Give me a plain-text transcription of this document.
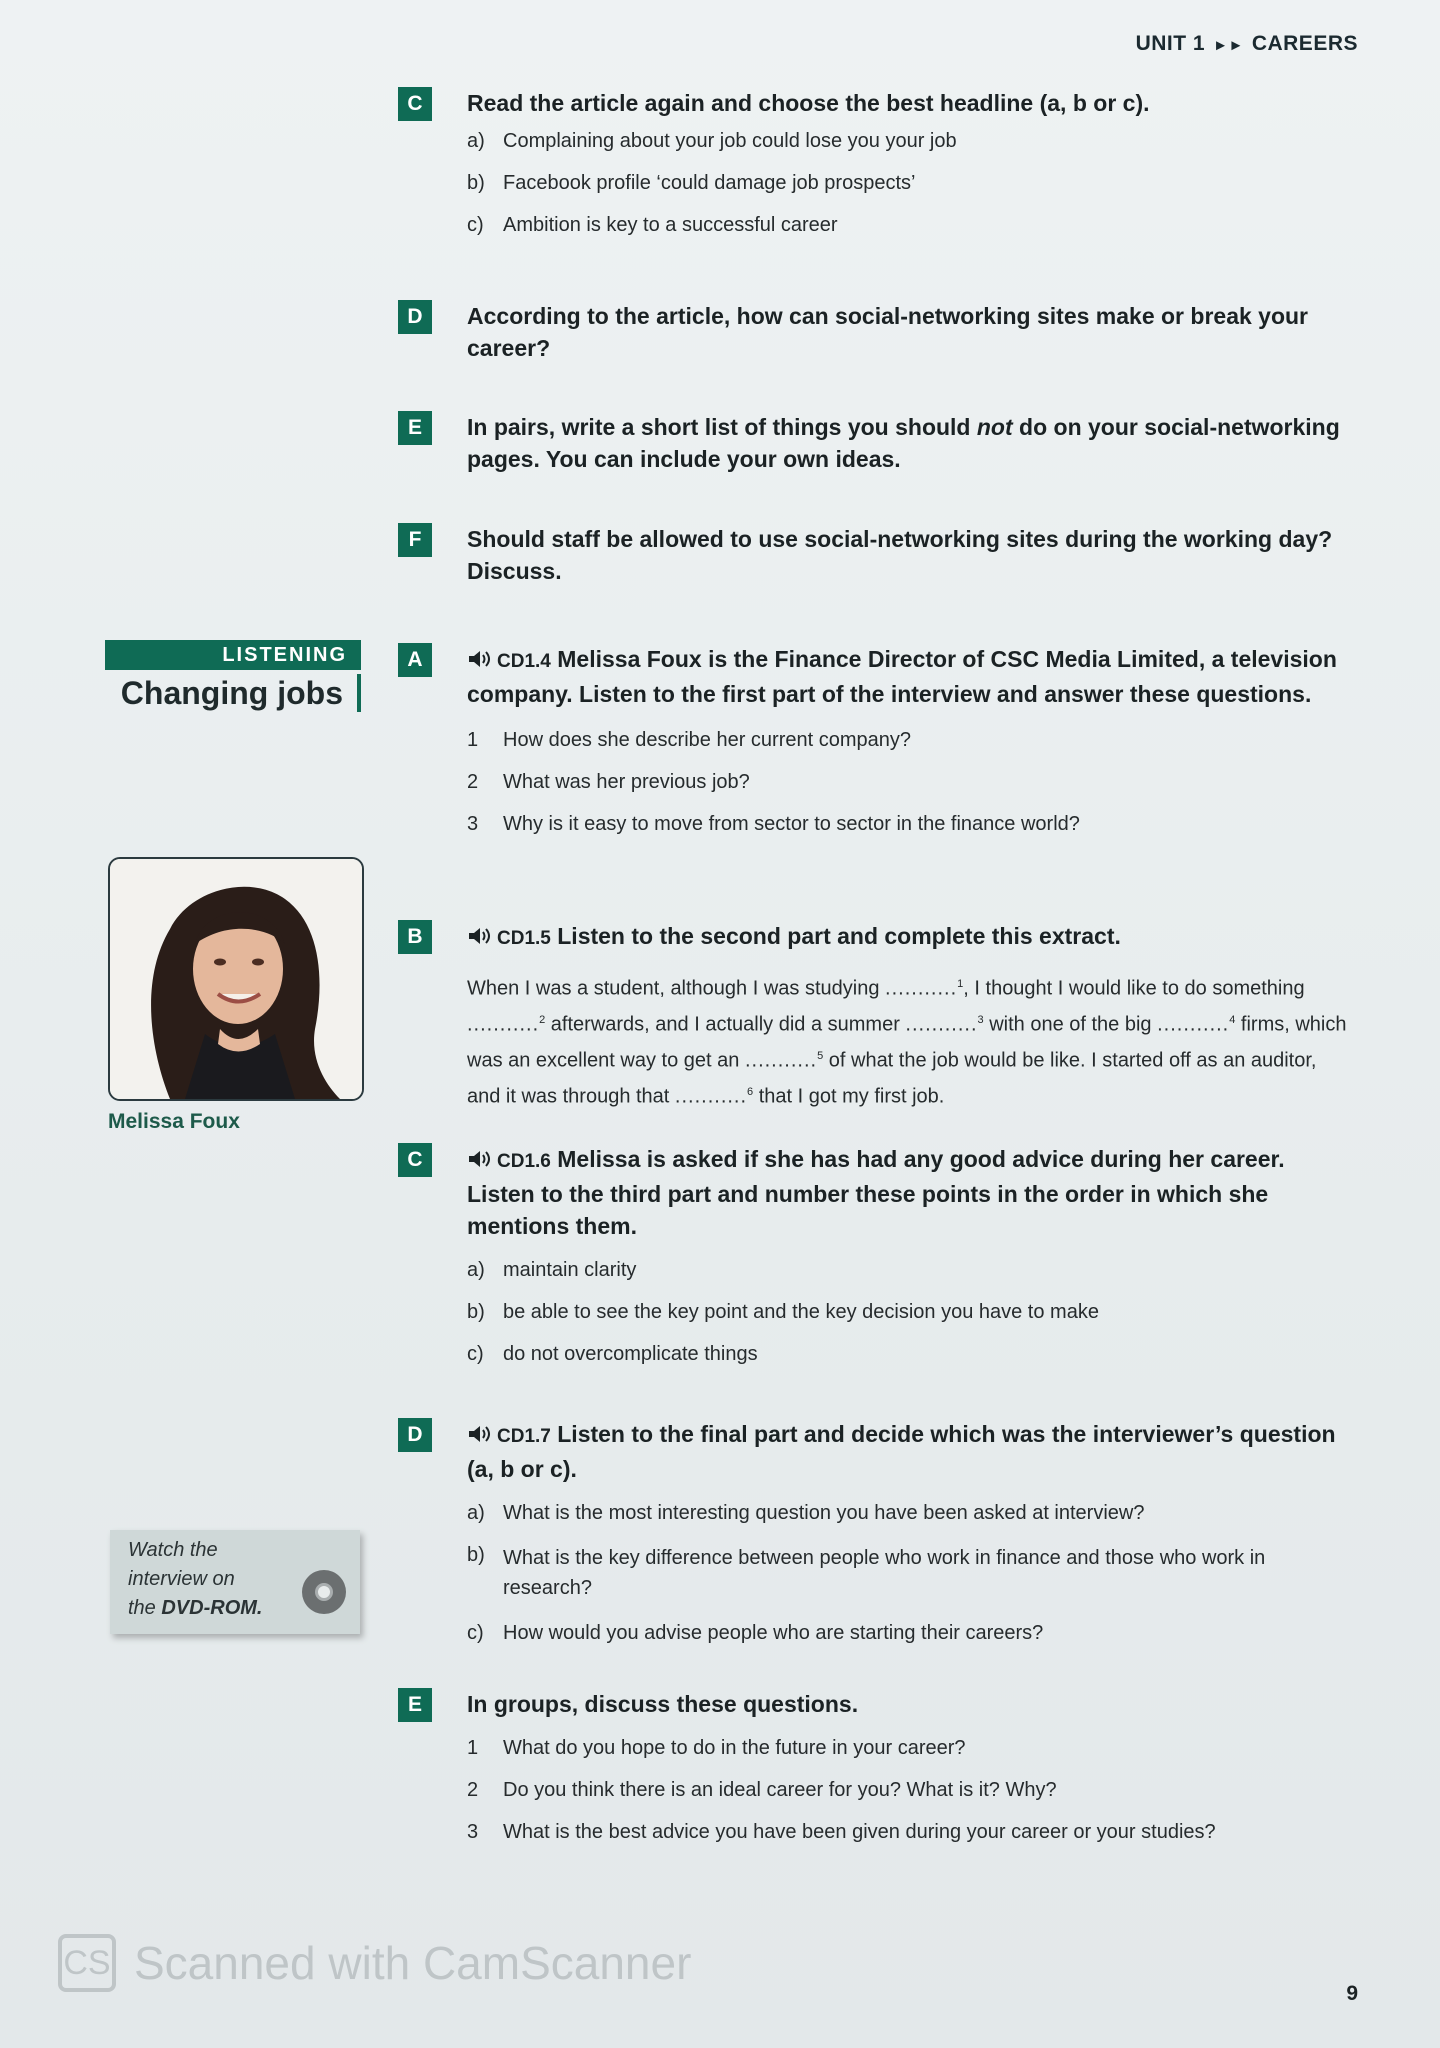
UNIT 1 ►► CAREERS
C	Read the article again and choose the best headline (a, b or c).
a) Complaining about your job could lose you your job
b) Facebook profile ‘could damage job prospects’
c) Ambition is key to a successful career
D	According to the article, how can social-networking sites make or break your career?
E	In pairs, write a short list of things you should not do on your social-networking pages. You can include your own ideas.
F	Should staff be allowed to use social-networking sites during the working day? Discuss.
LISTENING
Changing jobs
Melissa Foux
A	CD1.4 Melissa Foux is the Finance Director of CSC Media Limited, a television company. Listen to the first part of the interview and answer these questions.
1	How does she describe her current company?
2	What was her previous job?
3	Why is it easy to move from sector to sector in the finance world?
B	CD1.5 Listen to the second part and complete this extract.
When I was a student, although I was studying ...........$^1$, I thought I would like to do something ...........$^2$ afterwards, and I actually did a summer ...........$^3$ with one of the big ...........$^4$ firms, which was an excellent way to get an ...........$^5$ of what the job would be like. I started off as an auditor, and it was through that ...........$^6$ that I got my first job.
C	CD1.6 Melissa is asked if she has had any good advice during her career. Listen to the third part and number these points in the order in which she mentions them.
a) maintain clarity
b) be able to see the key point and the key decision you have to make
c) do not overcomplicate things
D	CD1.7 Listen to the final part and decide which was the interviewer’s question (a, b or c).
a) What is the most interesting question you have been asked at interview?
b) What is the key difference between people who work in finance and those who work in research?
c) How would you advise people who are starting their careers?
Watch the
interview on
the DVD-ROM.
E	In groups, discuss these questions.
1	What do you hope to do in the future in your career?
2	Do you think there is an ideal career for you? What is it? Why?
3	What is the best advice you have been given during your career or your studies?
CS Scanned with CamScanner
9
